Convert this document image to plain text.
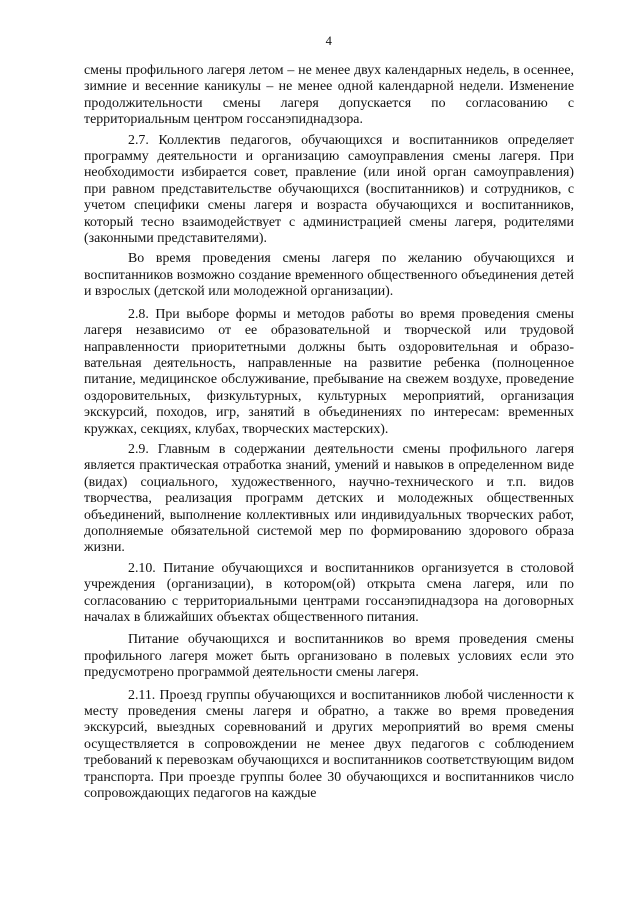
4

смены профильного лагеря летом – не менее двух календарных недель, в осеннее, зимние и весенние каникулы – не менее одной календарной недели. Изменение продолжительности смены лагеря допускается по согласованию с территориальным центром госсанэпиднадзора.

2.7. Коллектив педагогов, обучающихся и воспитанников определяет программу деятельности и организацию самоуправления смены лагеря. При необходимости избирается совет, правление (или иной орган самоуправления) при равном представительстве обучающихся (воспитанников) и сотрудников, с учетом специфики смены лагеря и возраста обучающихся и воспитанников, который тесно взаимодействует с администрацией смены лагеря, родителями (законными представителями).

Во время проведения смены лагеря по желанию обучающихся и воспитанников возможно создание временного общественного объединения детей и взрослых (детской или молодежной организации).

2.8. При выборе формы и методов работы во время проведения смены лагеря независимо от ее образовательной и творческой или трудовой направленности приоритетными должны быть оздоровительная и образовательная деятельность, направленные на развитие ребенка (полноценное питание, медицинское обслуживание, пребывание на свежем воздухе, проведение оздоровительных, физкультурных, культурных мероприятий, организация экскурсий, походов, игр, занятий в объединениях по интересам: временных кружках, секциях, клубах, творческих мастерских).

2.9. Главным в содержании деятельности смены профильного лагеря является практическая отработка знаний, умений и навыков в определенном виде (видах) социального, художественного, научно-технического и т.п. видов творчества, реализация программ детских и молодежных общественных объединений, выполнение коллективных или индивидуальных творческих работ, дополняемые обязательной системой мер по формированию здорового образа жизни.

2.10. Питание обучающихся и воспитанников организуется в столовой учреждения (организации), в котором(ой) открыта смена лагеря, или по согласованию с территориальными центрами госсанэпиднадзора на договорных началах в ближайших объектах общественного питания.

Питание обучающихся и воспитанников во время проведения смены профильного лагеря может быть организовано в полевых условиях если это предусмотрено программой деятельности смены лагеря.

2.11. Проезд группы обучающихся и воспитанников любой численности к месту проведения смены лагеря и обратно, а также во время проведения экскурсий, выездных соревнований и других мероприятий во время смены осуществляется в сопровождении не менее двух педагогов с соблюдением требований к перевозкам обучающихся и воспитанников соответствующим видом транспорта. При проезде группы более 30 обучающихся и воспитанников число сопровождающих педагогов на каждые
